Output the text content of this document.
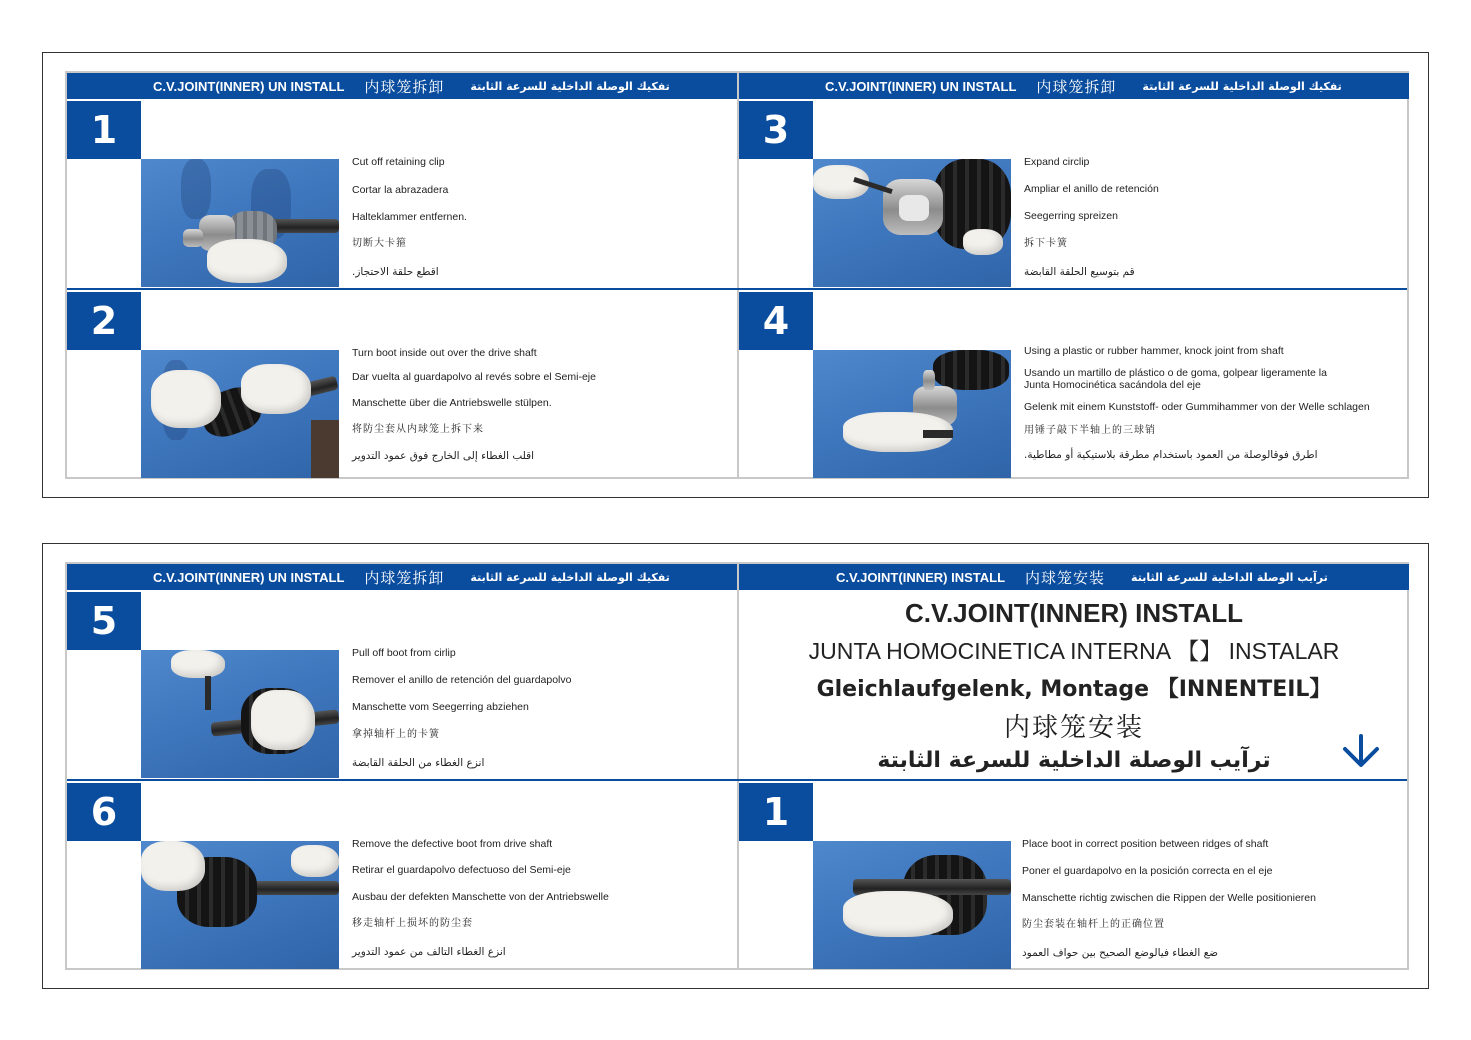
C.V.JOINT(INNER) UN INSTALL 内球笼拆卸 تفكيك الوصلة الداخلية للسرعة الثابتة	C.V.JOINT(INNER) UN INSTALL 内球笼拆卸 تفكيك الوصلة الداخلية للسرعة الثابتة
1
Cut off retaining clip
Cortar la abrazadera
Halteklammer entfernen.
切断大卡箍
اقطع حلقة الاحتجاز.
3
Expand circlip
Ampliar el anillo de retención
Seegerring spreizen
拆下卡簧
قم بتوسيع الحلقة القابضة
2
Turn boot inside out over the drive shaft
Dar vuelta al guardapolvo al revés sobre el Semi-eje
Manschette über die Antriebswelle stülpen.
将防尘套从内球笼上拆下来
اقلب الغطاء إلى الخارج فوق عمود التدوير
4
Using a plastic or rubber hammer, knock joint from shaft
Usando un martillo de plástico o de goma, golpear ligeramente la
Junta Homocinética sacándola del eje
Gelenk mit einem Kunststoff- oder Gummihammer von der Welle schlagen
用锤子敲下半轴上的三球销
اطرق فوقالوصلة من العمود باستخدام مطرقة بلاستيكية أو مطاطية.
C.V.JOINT(INNER) UN INSTALL 内球笼拆卸 تفكيك الوصلة الداخلية للسرعة الثابتة	C.V.JOINT(INNER) INSTALL 内球笼安装 ترآيب الوصلة الداخلية للسرعة الثابتة
5
Pull off boot from cirlip
Remover el anillo de retención del guardapolvo
Manschette vom Seegerring abziehen
拿掉轴杆上的卡簧
انزع الغطاء من الحلقة القابضة
C.V.JOINT(INNER) INSTALL
JUNTA HOMOCINETICA INTERNA 【】 INSTALAR
Gleichlaufgelenk, Montage 【INNENTEIL】
内球笼安装
ترآيب الوصلة الداخلية للسرعة الثابتة
6
Remove the defective boot from drive shaft
Retirar el guardapolvo defectuoso del Semi-eje
Ausbau der defekten Manschette von der Antriebswelle
移走轴杆上损坏的防尘套
انزع الغطاء التالف من عمود التدوير
1
Place boot in correct position between ridges of shaft
Poner el guardapolvo en la posición correcta en el eje
Manschette richtig zwischen die Rippen der Welle positionieren
防尘套装在轴杆上的正确位置
ضع الغطاء فيالوضع الصحيح بين حواف العمود
